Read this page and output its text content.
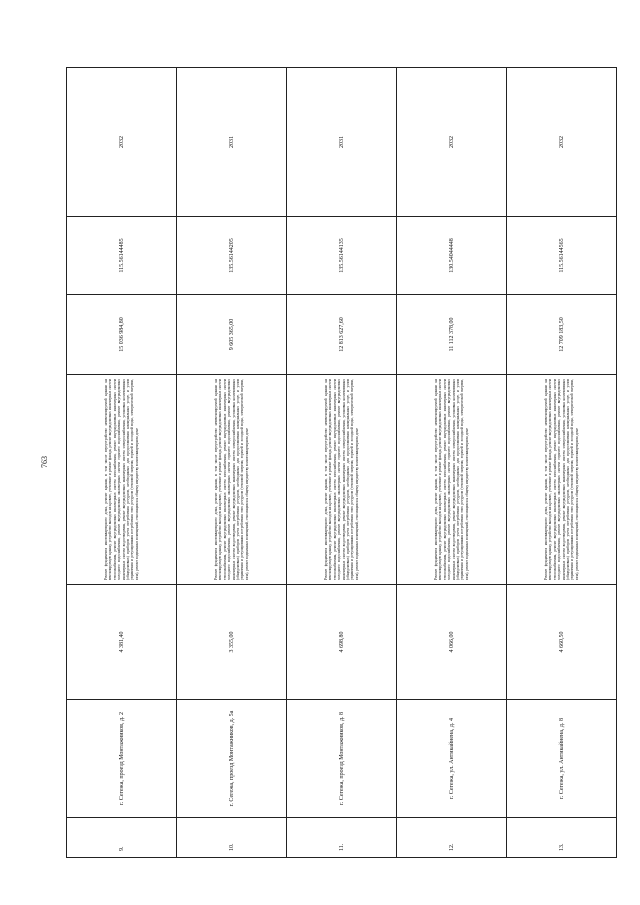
763
9.	г. Сегежа, проезд Монтажников, д. 2	4 381,40	Ремонт фундамента многоквартирного дома, ремонт крыши, в том числе переустройство невентилируемой крыши на вентилируемую крышу, устройство выходов на кровлю, утепление и ремонт фасада, ремонт внутридомовых инженерных систем теплоснабжения, ремонт внутридомовых инженерных систем газоснабжения, ремонт внутридомовых инженерных систем холодного водоснабжения, ремонт внутридомовых инженерных систем горячего водоснабжения, ремонт внутридомовых инженерных систем водоотведения, ремонт внутридомовых инженерных систем электроснабжения, установка коллективных (общедомовых) приборов учета потребления ресурсов, необходимых для предоставления коммунальных услуг, и узлов управления и регулирования потребления этих ресурсов (тепловой энергии, горячей и холодной воды, электрической энергии, газа), ремонт подвальных помещений, относящихся к общему имуществу в многоквартирном доме	15 036 984,80	115.56144485	2032
10.	г. Сегежа, проезд Монтажников, д. 5а	3 355,00	Ремонт фундамента многоквартирного дома, ремонт крыши, в том числе переустройство невентилируемой крыши на вентилируемую крышу, устройство выходов на кровлю, утепление и ремонт фасада, ремонт внутридомовых инженерных систем теплоснабжения, ремонт внутридомовых инженерных систем газоснабжения, ремонт внутридомовых инженерных систем холодного водоснабжения, ремонт внутридомовых инженерных систем горячего водоснабжения, ремонт внутридомовых инженерных систем водоотведения, ремонт внутридомовых инженерных систем электроснабжения, установка коллективных (общедомовых) приборов учета потребления ресурсов, необходимых для предоставления коммунальных услуг, и узлов управления и регулирования потребления этих ресурсов (тепловой энергии, горячей и холодной воды, электрической энергии, газа), ремонт подвальных помещений, относящихся к общему имуществу в многоквартирном доме	9 605 365,00	135.56144205	2031
11.	г. Сегежа, проезд Монтажников, д. 8	4 698,80	Ремонт фундамента многоквартирного дома, ремонт крыши, в том числе переустройство невентилируемой крыши на вентилируемую крышу, устройство выходов на кровлю, утепление и ремонт фасада, ремонт внутридомовых инженерных систем теплоснабжения, ремонт внутридомовых инженерных систем газоснабжения, ремонт внутридомовых инженерных систем холодного водоснабжения, ремонт внутридомовых инженерных систем горячего водоснабжения, ремонт внутридомовых инженерных систем водоотведения, ремонт внутридомовых инженерных систем электроснабжения, установка коллективных (общедомовых) приборов учета потребления ресурсов, необходимых для предоставления коммунальных услуг, и узлов управления и регулирования потребления этих ресурсов (тепловой энергии, горячей и холодной воды, электрической энергии, газа), ремонт подвальных помещений, относящихся к общему имуществу в многоквартирном доме	12 813 627,60	135.56144135	2031
12.	г. Сегежа, ул. Антикайнена, д. 4	4 066,00	Ремонт фундамента многоквартирного дома, ремонт крыши, в том числе переустройство невентилируемой крыши на вентилируемую крышу, устройство выходов на кровлю, утепление и ремонт фасада, ремонт внутридомовых инженерных систем теплоснабжения, ремонт внутридомовых инженерных систем газоснабжения, ремонт внутридомовых инженерных систем холодного водоснабжения, ремонт внутридомовых инженерных систем горячего водоснабжения, ремонт внутридомовых инженерных систем водоотведения, ремонт внутридомовых инженерных систем электроснабжения, установка коллективных (общедомовых) приборов учета потребления ресурсов, необходимых для предоставления коммунальных услуг, и узлов управления и регулирования потребления этих ресурсов (тепловой энергии, горячей и холодной воды, электрической энергии, газа), ремонт подвальных помещений, относящихся к общему имуществу в многоквартирном доме	11 112 378,00	130.54044448	2032
13.	г. Сегежа, ул. Антикайнена, д. 8	4 660,50	Ремонт фундамента многоквартирного дома, ремонт крыши, в том числе переустройство невентилируемой крыши на вентилируемую крышу, устройство выходов на кровлю, утепление и ремонт фасада, ремонт внутридомовых инженерных систем теплоснабжения, ремонт внутридомовых инженерных систем газоснабжения, ремонт внутридомовых инженерных систем холодного водоснабжения, ремонт внутридомовых инженерных систем горячего водоснабжения, ремонт внутридомовых инженерных систем водоотведения, ремонт внутридомовых инженерных систем электроснабжения, установка коллективных (общедомовых) приборов учета потребления ресурсов, необходимых для предоставления коммунальных услуг, и узлов управления и регулирования потребления этих ресурсов (тепловой энергии, горячей и холодной воды, электрической энергии, газа), ремонт подвальных помещений, относящихся к общему имуществу в многоквартирном доме	12 709 183,50	115.56144565	2032
